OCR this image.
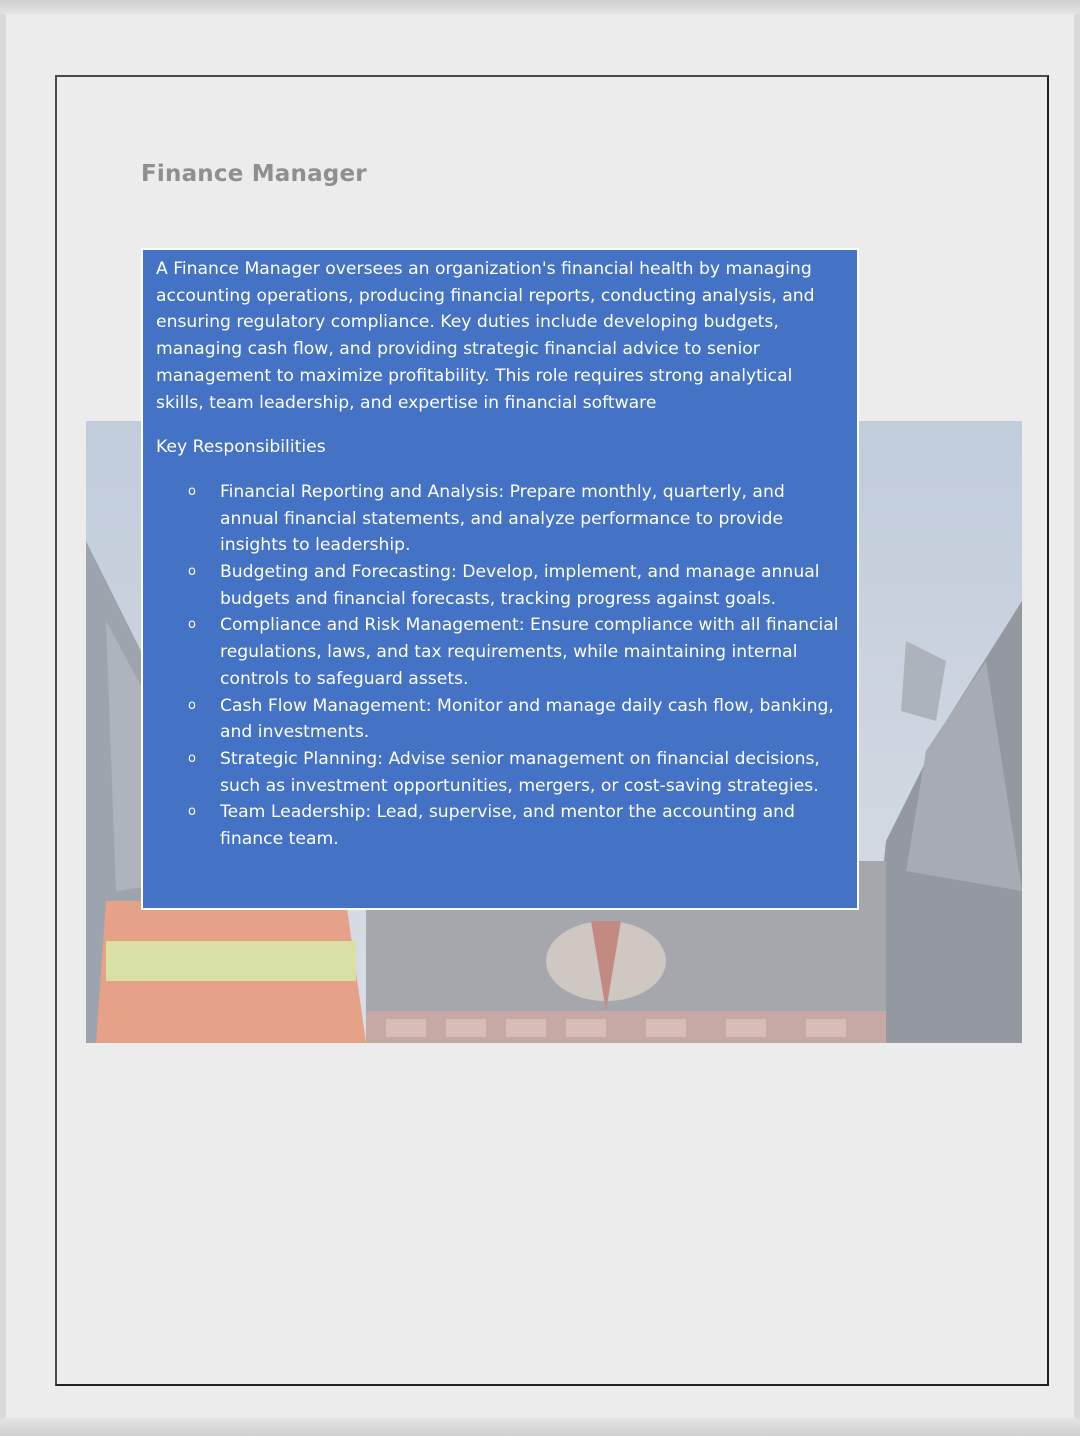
Finance Manager

A Finance Manager oversees an organization's financial health by managing accounting operations, producing financial reports, conducting analysis, and ensuring regulatory compliance. Key duties include developing budgets, managing cash flow, and providing strategic financial advice to senior management to maximize profitability. This role requires strong analytical skills, team leadership, and expertise in financial software

Key Responsibilities

o Financial Reporting and Analysis: Prepare monthly, quarterly, and annual financial statements, and analyze performance to provide insights to leadership.
o Budgeting and Forecasting: Develop, implement, and manage annual budgets and financial forecasts, tracking progress against goals.
o Compliance and Risk Management: Ensure compliance with all financial regulations, laws, and tax requirements, while maintaining internal controls to safeguard assets.
o Cash Flow Management: Monitor and manage daily cash flow, banking, and investments.
o Strategic Planning: Advise senior management on financial decisions, such as investment opportunities, mergers, or cost-saving strategies.
o Team Leadership: Lead, supervise, and mentor the accounting and finance team.
